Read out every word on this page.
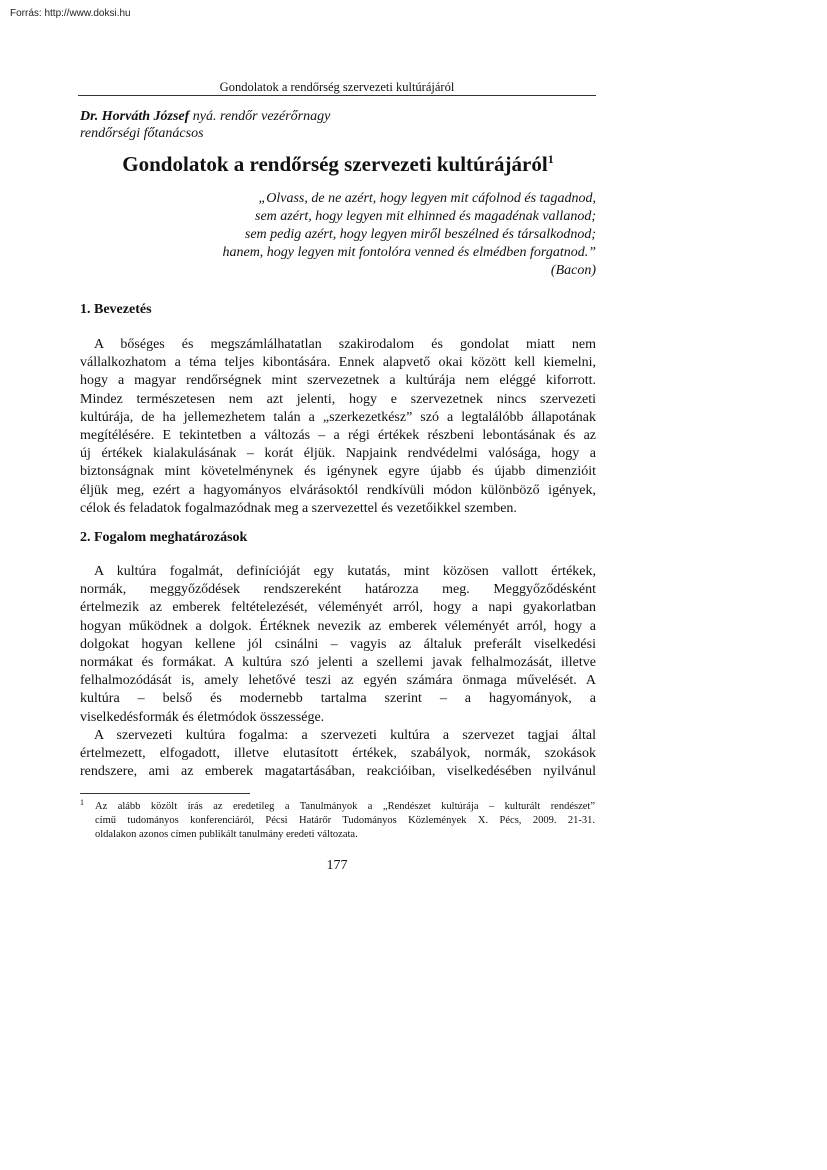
Forrás: http://www.doksi.hu
Gondolatok a rendőrség szervezeti kultúrájáról
Dr. Horváth József nyá. rendőr vezérőrnagy
rendőrségi főtanácsos
Gondolatok a rendőrség szervezeti kultúrájáról$^1$
„Olvass, de ne azért, hogy legyen mit cáfolnod és tagadnod,
sem azért, hogy legyen mit elhinned és magadénak vallanod;
sem pedig azért, hogy legyen miről beszélned és társalkodnod;
hanem, hogy legyen mit fontolóra venned és elmédben forgatnod.”
(Bacon)
1. Bevezetés
A bőséges és megszámlálhatatlan szakirodalom és gondolat miatt nem
vállalkozhatom a téma teljes kibontására. Ennek alapvető okai között kell kiemelni,
hogy a magyar rendőrségnek mint szervezetnek a kultúrája nem eléggé kiforrott.
Mindez természetesen nem azt jelenti, hogy e szervezetnek nincs szervezeti
kultúrája, de ha jellemezhetem talán a „szerkezetkész” szó a legtalálóbb állapotának
megítélésére. E tekintetben a változás – a régi értékek részbeni lebontásának és az
új értékek kialakulásának – korát éljük. Napjaink rendvédelmi valósága, hogy a
biztonságnak mint követelménynek és igénynek egyre újabb és újabb dimenzióit
éljük meg, ezért a hagyományos elvárásoktól rendkívüli módon különböző igények,
célok és feladatok fogalmazódnak meg a szervezettel és vezetőikkel szemben.
2. Fogalom meghatározások
A kultúra fogalmát, definícióját egy kutatás, mint közösen vallott értékek,
normák, meggyőződések rendszereként határozza meg. Meggyőződésként
értelmezik az emberek feltételezését, véleményét arról, hogy a napi gyakorlatban
hogyan működnek a dolgok. Értéknek nevezik az emberek véleményét arról, hogy a
dolgokat hogyan kellene jól csinálni – vagyis az általuk preferált viselkedési
normákat és formákat. A kultúra szó jelenti a szellemi javak felhalmozását, illetve
felhalmozódását is, amely lehetővé teszi az egyén számára önmaga művelését. A
kultúra – belső és modernebb tartalma szerint – a hagyományok, a
viselkedésformák és életmódok összessége.
A szervezeti kultúra fogalma: a szervezeti kultúra a szervezet tagjai által
értelmezett, elfogadott, illetve elutasított értékek, szabályok, normák, szokások
rendszere, ami az emberek magatartásában, reakcióiban, viselkedésében nyilvánul
1 Az alább közölt írás az eredetileg a Tanulmányok a „Rendészet kultúrája – kulturált rendészet”
című tudományos konferenciáról, Pécsi Határőr Tudományos Közlemények X. Pécs, 2009. 21-31.
oldalakon azonos címen publikált tanulmány eredeti változata.
177
